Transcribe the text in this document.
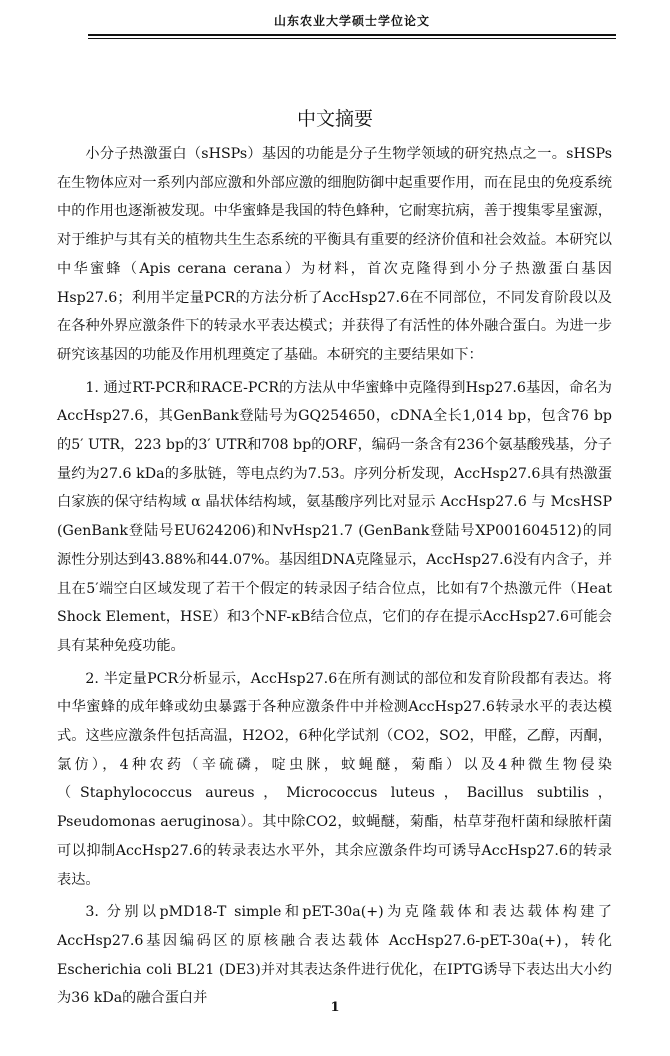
山东农业大学硕士学位论文
中文摘要

小分子热激蛋白（sHSPs）基因的功能是分子生物学领域的研究热点之一。sHSPs在生物体应对一系列内部应激和外部应激的细胞防御中起重要作用，而在昆虫的免疫系统中的作用也逐渐被发现。中华蜜蜂是我国的特色蜂种，它耐寒抗病，善于搜集零星蜜源，对于维护与其有关的植物共生生态系统的平衡具有重要的经济价值和社会效益。本研究以中华蜜蜂（Apis cerana cerana）为材料，首次克隆得到小分子热激蛋白基因Hsp27.6；利用半定量PCR的方法分析了AccHsp27.6在不同部位，不同发育阶段以及在各种外界应激条件下的转录水平表达模式；并获得了有活性的体外融合蛋白。为进一步研究该基因的功能及作用机理奠定了基础。本研究的主要结果如下：

1. 通过RT-PCR和RACE-PCR的方法从中华蜜蜂中克隆得到Hsp27.6基因，命名为AccHsp27.6，其GenBank登陆号为GQ254650，cDNA全长1,014 bp，包含76 bp的5′ UTR，223 bp的3′ UTR和708 bp的ORF，编码一条含有236个氨基酸残基，分子量约为27.6 kDa的多肽链，等电点约为7.53。序列分析发现，AccHsp27.6具有热激蛋白家族的保守结构域 α 晶状体结构域，氨基酸序列比对显示 AccHsp27.6 与 McsHSP (GenBank登陆号EU624206)和NvHsp21.7 (GenBank登陆号XP001604512)的同源性分别达到43.88%和44.07%。基因组DNA克隆显示，AccHsp27.6没有内含子，并且在5′端空白区域发现了若干个假定的转录因子结合位点，比如有7个热激元件（Heat Shock Element，HSE）和3个NF-κB结合位点，它们的存在提示AccHsp27.6可能会具有某种免疫功能。

2. 半定量PCR分析显示，AccHsp27.6在所有测试的部位和发育阶段都有表达。将中华蜜蜂的成年蜂或幼虫暴露于各种应激条件中并检测AccHsp27.6转录水平的表达模式。这些应激条件包括高温，H2O2，6种化学试剂（CO2，SO2，甲醛，乙醇，丙酮，氯仿），4种农药（辛硫磷，啶虫脒，蚊蝇醚，菊酯）以及4种微生物侵染（Staphylococcus aureus，Micrococcus luteus，Bacillus subtilis，Pseudomonas aeruginosa）。其中除CO2，蚊蝇醚，菊酯，枯草芽孢杆菌和绿脓杆菌可以抑制AccHsp27.6的转录表达水平外，其余应激条件均可诱导AccHsp27.6的转录表达。

3. 分别以pMD18-T simple和pET-30a(+)为克隆载体和表达载体构建了AccHsp27.6基因编码区的原核融合表达载体 AccHsp27.6-pET-30a(+)，转化 Escherichia coli BL21 (DE3)并对其表达条件进行优化，在IPTG诱导下表达出大小约为36 kDa的融合蛋白并

1
